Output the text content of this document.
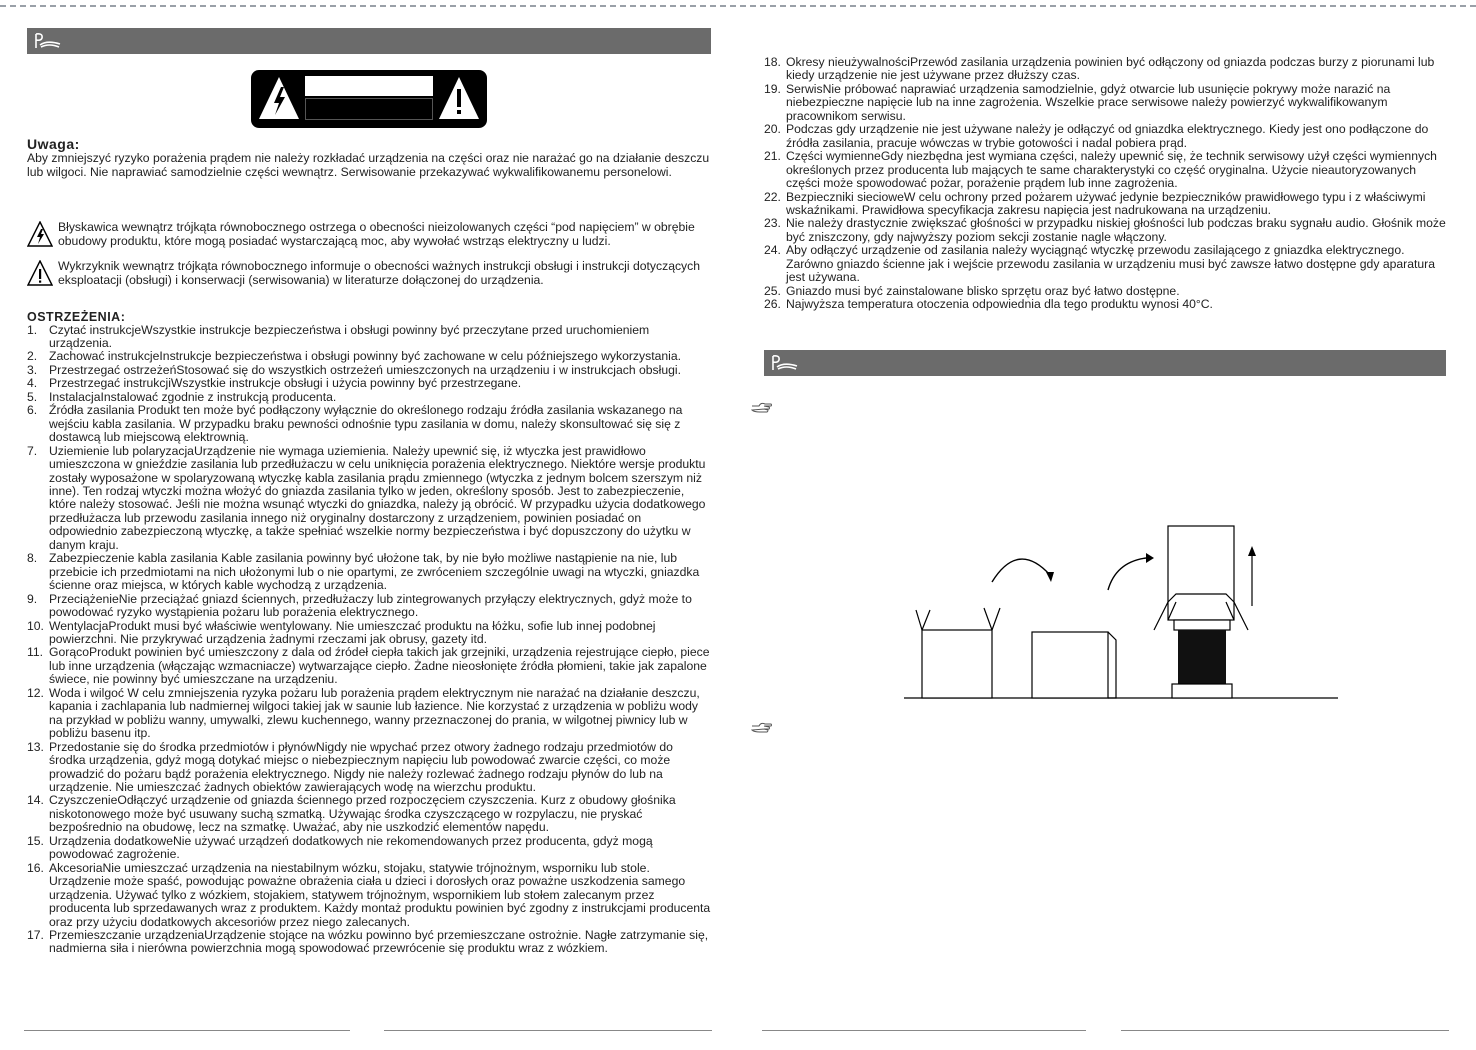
Uwaga:

Aby zmniejszyć ryzyko porażenia prądem nie należy rozkładać urządzenia na części oraz nie narażać go na działanie deszczu lub wilgoci. Nie naprawiać samodzielnie części wewnątrz. Serwisowanie przekazywać wykwalifikowanemu personelowi.

Błyskawica wewnątrz trójkąta równobocznego ostrzega o obecności nieizolowanych części “pod napięciem” w obrębie obudowy produktu, które mogą posiadać wystarczającą moc, aby wywołać wstrząs elektryczny u ludzi.

Wykrzyknik wewnątrz trójkąta równobocznego informuje o obecności ważnych instrukcji obsługi i instrukcji dotyczących eksploatacji (obsługi) i konserwacji (serwisowania) w literaturze dołączonej do urządzenia.

OSTRZEŻENIA:
1. Czytać instrukcjeWszystkie instrukcje bezpieczeństwa i obsługi powinny być przeczytane przed uruchomieniem urządzenia.
2. Zachować instrukcjeInstrukcje bezpieczeństwa i obsługi powinny być zachowane w celu późniejszego wykorzystania.
3. Przestrzegać ostrzeżeńStosować się do wszystkich ostrzeżeń umieszczonych na urządzeniu i w instrukcjach obsługi.
4. Przestrzegać instrukcjiWszystkie instrukcje obsługi i użycia powinny być przestrzegane.
5. InstalacjaInstalować zgodnie z instrukcją producenta.
6. Źródła zasilania Produkt ten może być podłączony wyłącznie do określonego rodzaju źródła zasilania wskazanego na wejściu kabla zasilania. W przypadku braku pewności odnośnie typu zasilania w domu, należy skonsultować się się z dostawcą lub miejscową elektrownią.
7. Uziemienie lub polaryzacjaUrządzenie nie wymaga uziemienia. Należy upewnić się, iż wtyczka jest prawidłowo umieszczona w gnieździe zasilania lub przedłużaczu w celu uniknięcia porażenia elektrycznego. Niektóre wersje produktu zostały wyposażone w spolaryzowaną wtyczkę kabla zasilania prądu zmiennego (wtyczka z jednym bolcem szerszym niż inne). Ten rodzaj wtyczki można włożyć do gniazda zasilania tylko w jeden, określony sposób. Jest to zabezpieczenie, które należy stosować. Jeśli nie można wsunąć wtyczki do gniazdka, należy ją obrócić. W przypadku użycia dodatkowego przedłużacza lub przewodu zasilania innego niż oryginalny dostarczony z urządzeniem, powinien posiadać on odpowiednio zabezpieczoną wtyczkę, a także spełniać wszelkie normy bezpieczeństwa i być dopuszczony do użytku w danym kraju.
8. Zabezpieczenie kabla zasilania Kable zasilania powinny być ułożone tak, by nie było możliwe nastąpienie na nie, lub przebicie ich przedmiotami na nich ułożonymi lub o nie opartymi, ze zwróceniem szczególnie uwagi na wtyczki, gniazdka ścienne oraz miejsca, w których kable wychodzą z urządzenia.
9. PrzeciążenieNie przeciążać gniazd ściennych, przedłużaczy lub zintegrowanych przyłączy elektrycznych, gdyż może to powodować ryzyko wystąpienia pożaru lub porażenia elektrycznego.
10. WentylacjaProdukt musi być właściwie wentylowany. Nie umieszczać produktu na łóżku, sofie lub innej podobnej powierzchni. Nie przykrywać urządzenia żadnymi rzeczami jak obrusy, gazety itd.
11. GorącoProdukt powinien być umieszczony z dala od źródeł ciepła takich jak grzejniki, urządzenia rejestrujące ciepło, piece lub inne urządzenia (włączając wzmacniacze) wytwarzające ciepło. Żadne nieosłonięte źródła płomieni, takie jak zapalone świece, nie powinny być umieszczane na urządzeniu.
12. Woda i wilgoć W celu zmniejszenia ryzyka pożaru lub porażenia prądem elektrycznym nie narażać na działanie deszczu, kapania i zachlapania lub nadmiernej wilgoci takiej jak w saunie lub łazience. Nie korzystać z urządzenia w pobliżu wody na przykład w pobliżu wanny, umywalki, zlewu kuchennego, wanny przeznaczonej do prania, w wilgotnej piwnicy lub w pobliżu basenu itp.
13. Przedostanie się do środka przedmiotów i płynówNigdy nie wpychać przez otwory żadnego rodzaju przedmiotów do środka urządzenia, gdyż mogą dotykać miejsc o niebezpiecznym napięciu lub powodować zwarcie części, co może prowadzić do pożaru bądź porażenia elektrycznego. Nigdy nie należy rozlewać żadnego rodzaju płynów do lub na urządzenie. Nie umieszczać żadnych obiektów zawierających wodę na wierzchu produktu.
14. CzyszczenieOdłączyć urządzenie od gniazda ściennego przed rozpoczęciem czyszczenia. Kurz z obudowy głośnika niskotonowego może być usuwany suchą szmatką. Używając środka czyszczącego w rozpylaczu, nie pryskać bezpośrednio na obudowę, lecz na szmatkę. Uważać, aby nie uszkodzić elementów napędu.
15. Urządzenia dodatkoweNie używać urządzeń dodatkowych nie rekomendowanych przez producenta, gdyż mogą powodować zagrożenie.
16. AkcesoriaNie umieszczać urządzenia na niestabilnym wózku, stojaku, statywie trójnożnym, wsporniku lub stole. Urządzenie może spaść, powodując poważne obrażenia ciała u dzieci i dorosłych oraz poważne uszkodzenia samego urządzenia. Używać tylko z wózkiem, stojakiem, statywem trójnożnym, wspornikiem lub stołem zalecanym przez producenta lub sprzedawanych wraz z produktem. Każdy montaż produktu powinien być zgodny z instrukcjami producenta oraz przy użyciu dodatkowych akcesoriów przez niego zalecanych.
17. Przemieszczanie urządzeniaUrządzenie stojące na wózku powinno być przemieszczane ostrożnie. Nagłe zatrzymanie się, nadmierna siła i nierówna powierzchnia mogą spowodować przewrócenie się produktu wraz z wózkiem.
18. Okresy nieużywalnościPrzewód zasilania urządzenia powinien być odłączony od gniazda podczas burzy z piorunami lub kiedy urządzenie nie jest używane przez dłuższy czas.
19. SerwisNie próbować naprawiać urządzenia samodzielnie, gdyż otwarcie lub usunięcie pokrywy może narazić na niebezpieczne napięcie lub na inne zagrożenia. Wszelkie prace serwisowe należy powierzyć wykwalifikowanym pracownikom serwisu.
20. Podczas gdy urządzenie nie jest używane należy je odłączyć od gniazdka elektrycznego. Kiedy jest ono podłączone do źródła zasilania, pracuje wówczas w trybie gotowości i nadal pobiera prąd.
21. Części wymienneGdy niezbędna jest wymiana części, należy upewnić się, że technik serwisowy użył części wymiennych określonych przez producenta lub mających te same charakterystyki co część oryginalna. Użycie nieautoryzowanych części może spowodować pożar, porażenie prądem lub inne zagrożenia.
22. Bezpieczniki siecioweW celu ochrony przed pożarem używać jedynie bezpieczników prawidłowego typu i z właściwymi wskaźnikami. Prawidłowa specyfikacja zakresu napięcia jest nadrukowana na urządzeniu.
23. Nie należy drastycznie zwiększać głośności w przypadku niskiej głośności lub podczas braku sygnału audio. Głośnik może być zniszczony, gdy najwyższy poziom sekcji zostanie nagle włączony.
24. Aby odłączyć urządzenie od zasilania należy wyciągnąć wtyczkę przewodu zasilającego z gniazdka elektrycznego. Zarówno gniazdo ścienne jak i wejście przewodu zasilania w urządzeniu musi być zawsze łatwo dostępne gdy aparatura jest używana.
25. Gniazdo musi być zainstalowane blisko sprzętu oraz być łatwo dostępne.
26. Najwyższa temperatura otoczenia odpowiednia dla tego produktu wynosi 40°C.
